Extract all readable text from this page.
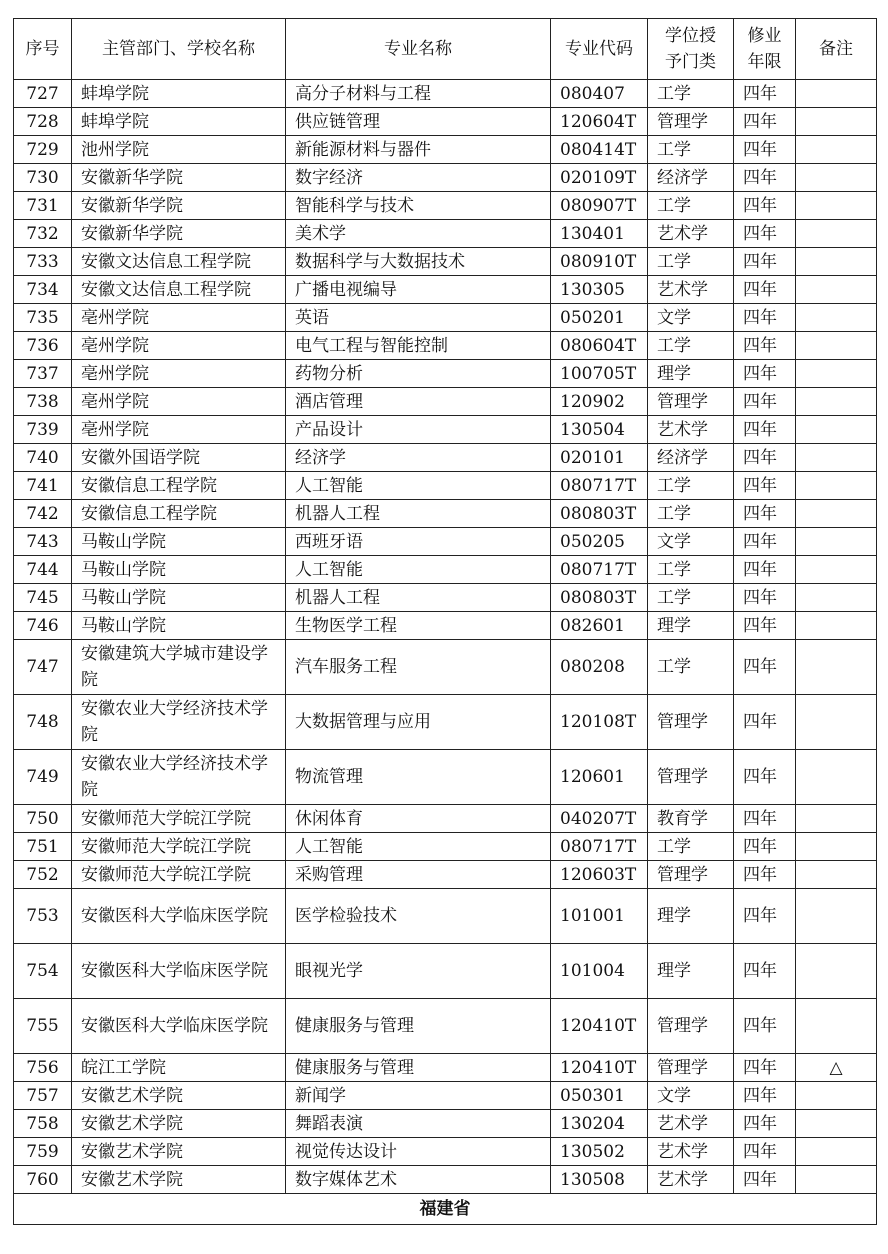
序号	主管部门、学校名称	专业名称	专业代码	学位授予门类	修业年限	备注
727	蚌埠学院	高分子材料与工程	080407	工学	四年	
728	蚌埠学院	供应链管理	120604T	管理学	四年	
729	池州学院	新能源材料与器件	080414T	工学	四年	
730	安徽新华学院	数字经济	020109T	经济学	四年	
731	安徽新华学院	智能科学与技术	080907T	工学	四年	
732	安徽新华学院	美术学	130401	艺术学	四年	
733	安徽文达信息工程学院	数据科学与大数据技术	080910T	工学	四年	
734	安徽文达信息工程学院	广播电视编导	130305	艺术学	四年	
735	亳州学院	英语	050201	文学	四年	
736	亳州学院	电气工程与智能控制	080604T	工学	四年	
737	亳州学院	药物分析	100705T	理学	四年	
738	亳州学院	酒店管理	120902	管理学	四年	
739	亳州学院	产品设计	130504	艺术学	四年	
740	安徽外国语学院	经济学	020101	经济学	四年	
741	安徽信息工程学院	人工智能	080717T	工学	四年	
742	安徽信息工程学院	机器人工程	080803T	工学	四年	
743	马鞍山学院	西班牙语	050205	文学	四年	
744	马鞍山学院	人工智能	080717T	工学	四年	
745	马鞍山学院	机器人工程	080803T	工学	四年	
746	马鞍山学院	生物医学工程	082601	理学	四年	
747	安徽建筑大学城市建设学院	汽车服务工程	080208	工学	四年	
748	安徽农业大学经济技术学院	大数据管理与应用	120108T	管理学	四年	
749	安徽农业大学经济技术学院	物流管理	120601	管理学	四年	
750	安徽师范大学皖江学院	休闲体育	040207T	教育学	四年	
751	安徽师范大学皖江学院	人工智能	080717T	工学	四年	
752	安徽师范大学皖江学院	采购管理	120603T	管理学	四年	
753	安徽医科大学临床医学院	医学检验技术	101001	理学	四年	
754	安徽医科大学临床医学院	眼视光学	101004	理学	四年	
755	安徽医科大学临床医学院	健康服务与管理	120410T	管理学	四年	
756	皖江工学院	健康服务与管理	120410T	管理学	四年	△
757	安徽艺术学院	新闻学	050301	文学	四年	
758	安徽艺术学院	舞蹈表演	130204	艺术学	四年	
759	安徽艺术学院	视觉传达设计	130502	艺术学	四年	
760	安徽艺术学院	数字媒体艺术	130508	艺术学	四年	
福建省						
